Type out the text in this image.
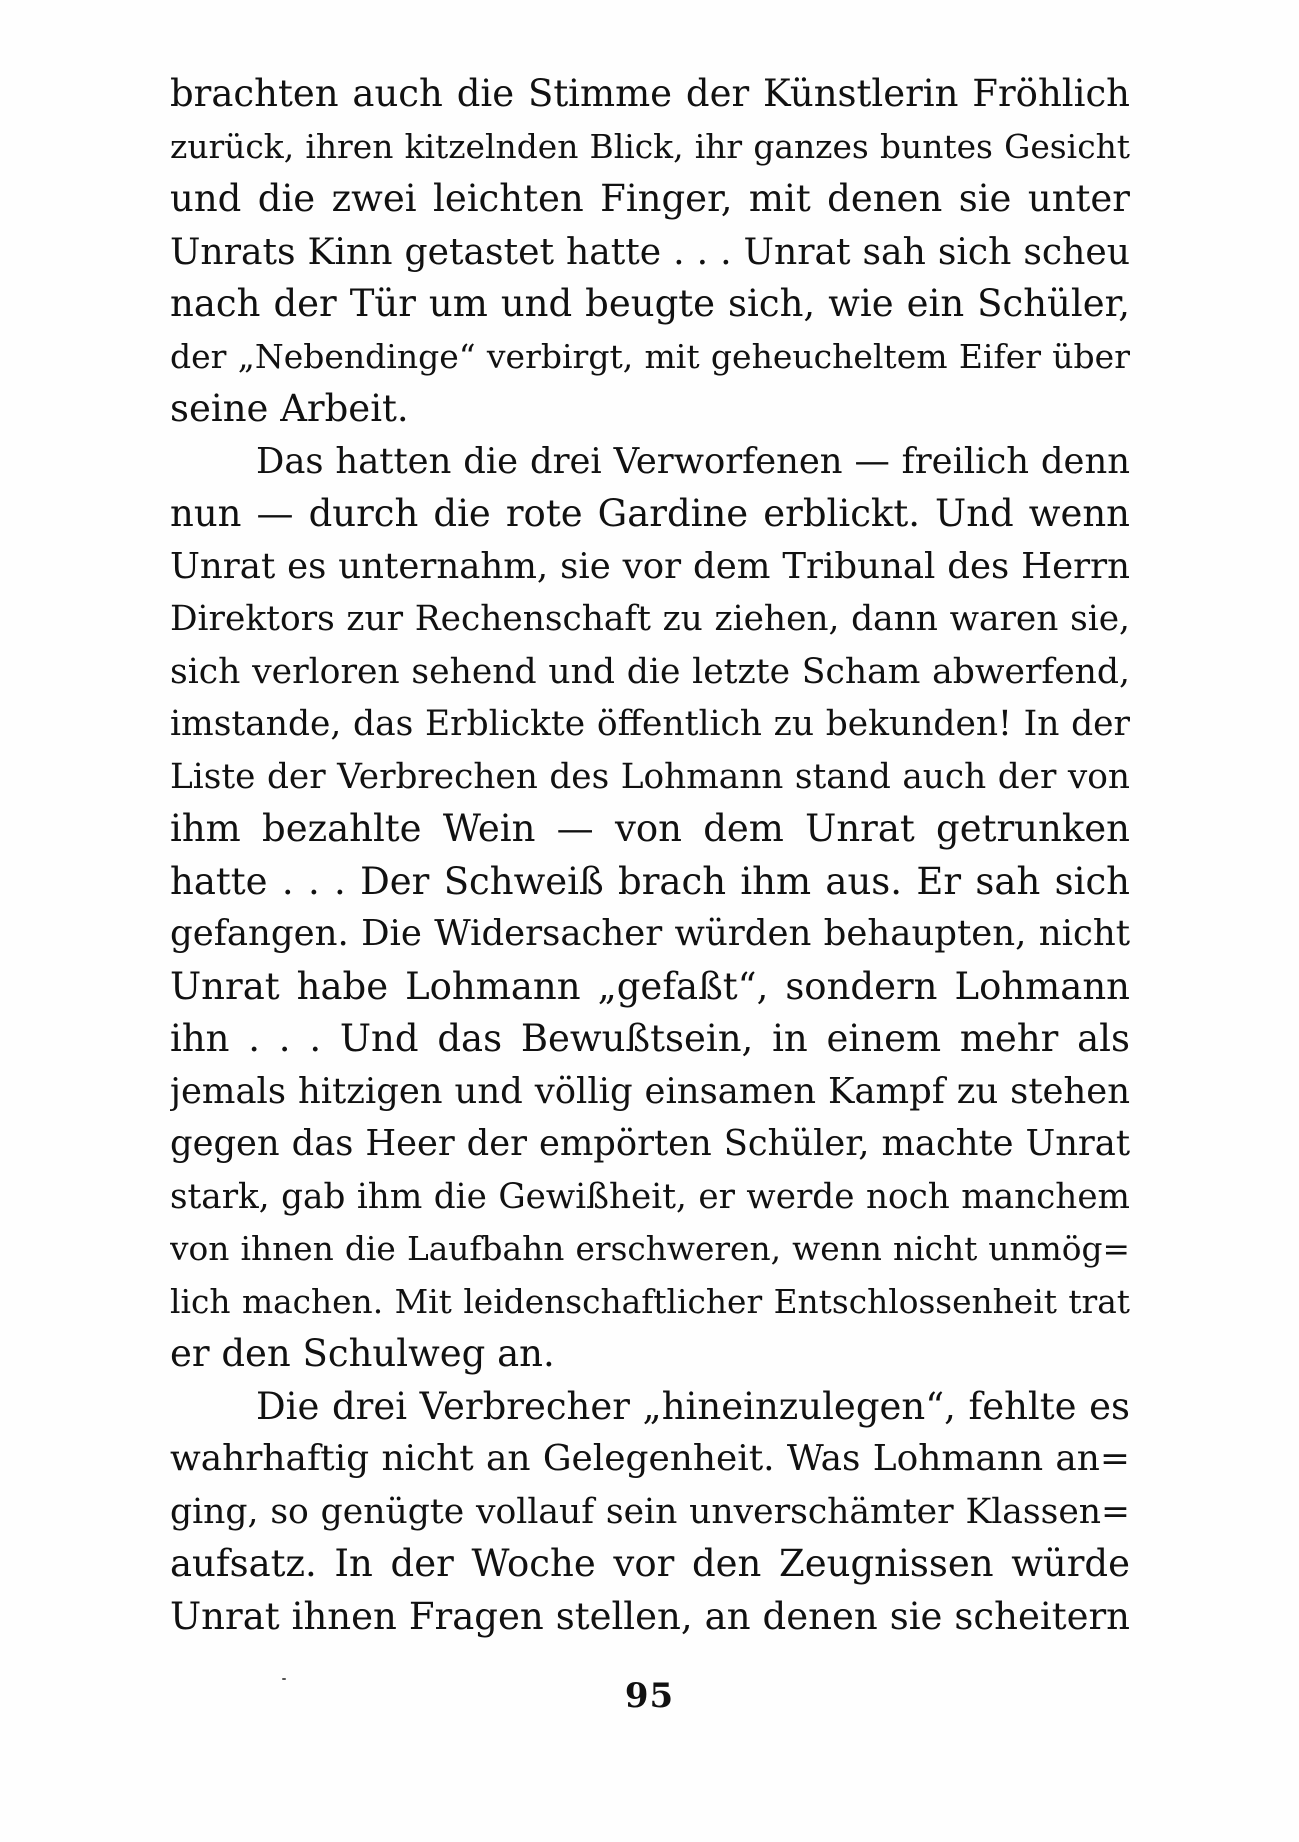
brachten auch die Stimme der Künstlerin Fröhlich
zurück, ihren kitzelnden Blick, ihr ganzes buntes Gesicht
und die zwei leichten Finger, mit denen sie unter
Unrats Kinn getastet hatte . . . Unrat sah sich scheu
nach der Tür um und beugte sich, wie ein Schüler,
der „Nebendinge“ verbirgt, mit geheucheltem Eifer über
seine Arbeit.
Das hatten die drei Verworfenen — freilich denn
nun — durch die rote Gardine erblickt. Und wenn
Unrat es unternahm, sie vor dem Tribunal des Herrn
Direktors zur Rechenschaft zu ziehen, dann waren sie,
sich verloren sehend und die letzte Scham abwerfend,
imstande, das Erblickte öffentlich zu bekunden! In der
Liste der Verbrechen des Lohmann stand auch der von
ihm bezahlte Wein — von dem Unrat getrunken
hatte . . . Der Schweiß brach ihm aus. Er sah sich
gefangen. Die Widersacher würden behaupten, nicht
Unrat habe Lohmann „gefaßt“, sondern Lohmann
ihn . . . Und das Bewußtsein, in einem mehr als
jemals hitzigen und völlig einsamen Kampf zu stehen
gegen das Heer der empörten Schüler, machte Unrat
stark, gab ihm die Gewißheit, er werde noch manchem
von ihnen die Laufbahn erschweren, wenn nicht unmög=
lich machen. Mit leidenschaftlicher Entschlossenheit trat
er den Schulweg an.
Die drei Verbrecher „hineinzulegen“, fehlte es
wahrhaftig nicht an Gelegenheit. Was Lohmann an=
ging, so genügte vollauf sein unverschämter Klassen=
aufsatz. In der Woche vor den Zeugnissen würde
Unrat ihnen Fragen stellen, an denen sie scheitern
95
